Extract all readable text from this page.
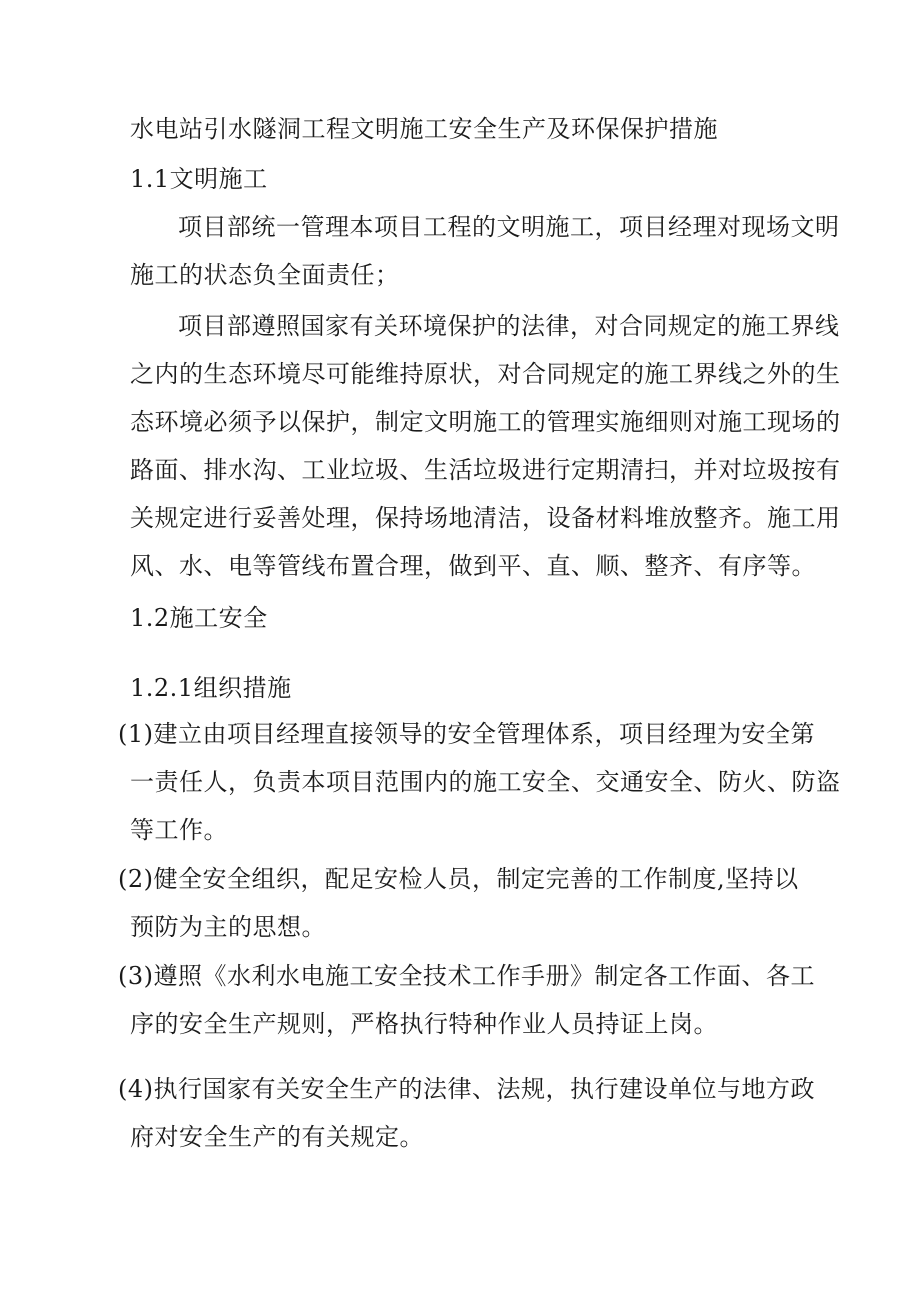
水电站引水隧洞工程文明施工安全生产及环保保护措施

1.1文明施工

项目部统一管理本项目工程的文明施工，项目经理对现场文明

施工的状态负全面责任；

项目部遵照国家有关环境保护的法律，对合同规定的施工界线

之内的生态环境尽可能维持原状，对合同规定的施工界线之外的生

态环境必须予以保护，制定文明施工的管理实施细则对施工现场的

路面、排水沟、工业垃圾、生活垃圾进行定期清扫，并对垃圾按有

关规定进行妥善处理，保持场地清洁，设备材料堆放整齐。施工用

风、水、电等管线布置合理，做到平、直、顺、整齐、有序等。

1.2施工安全

1.2.1组织措施

(1)建立由项目经理直接领导的安全管理体系，项目经理为安全第

一责任人，负责本项目范围内的施工安全、交通安全、防火、防盗

等工作。

(2)健全安全组织，配足安检人员，制定完善的工作制度,坚持以

预防为主的思想。

(3)遵照《水利水电施工安全技术工作手册》制定各工作面、各工

序的安全生产规则，严格执行特种作业人员持证上岗。

(4)执行国家有关安全生产的法律、法规，执行建设单位与地方政

府对安全生产的有关规定。
